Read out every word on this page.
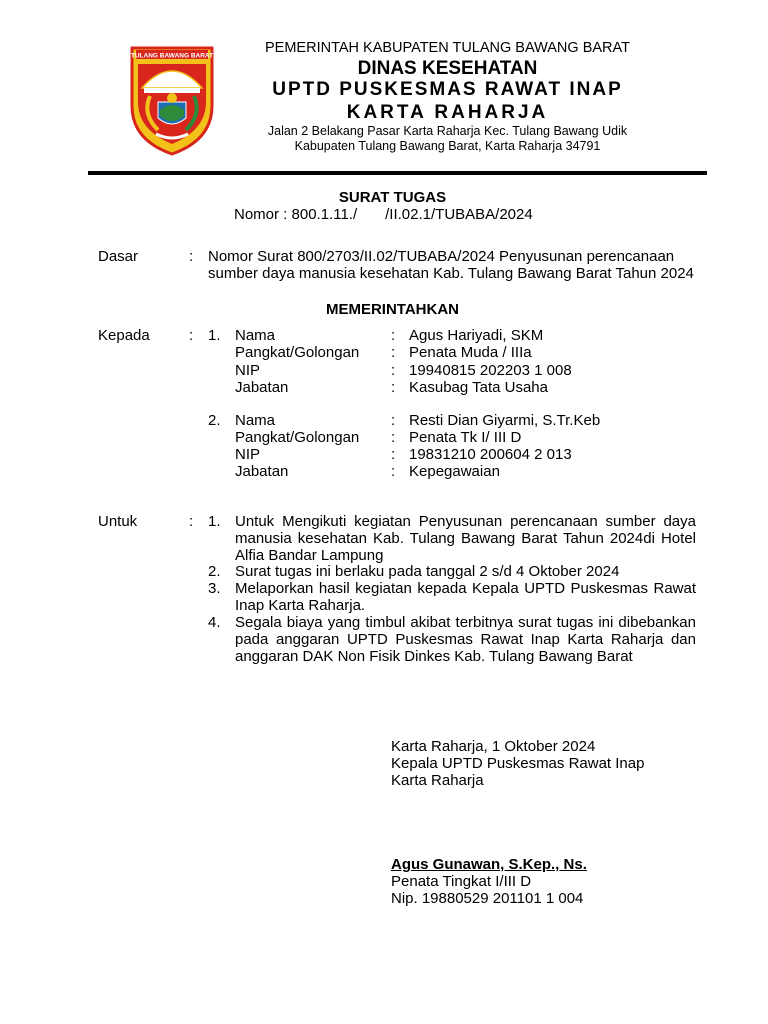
TULANG BAWANG BARAT	PEMERINTAH KABUPATEN TULANG BAWANG BARAT
DINAS KESEHATAN
UPTD PUSKESMAS RAWAT INAP
KARTA RAHARJA
Jalan 2 Belakang Pasar Karta Raharja Kec. Tulang Bawang Udik
Kabupaten Tulang Bawang Barat, Karta Raharja 34791
SURAT TUGAS
Nomor : 800.1.11./ /II.02.1/TUBABA/2024
Dasar	: Nomor Surat 800/2703/II.02/TUBABA/2024 Penyusunan perencanaan sumber daya manusia kesehatan Kab. Tulang Bawang Barat Tahun 2024
MEMERINTAHKAN
Kepada	: 1. Nama	: Agus Hariyadi, SKM
Pangkat/Golongan : Penata Muda / IIIa
NIP	: 19940815 202203 1 008
Jabatan	: Kasubag Tata Usaha
2. Nama	: Resti Dian Giyarmi, S.Tr.Keb
Pangkat/Golongan : Penata Tk I/ III D
NIP	: 19831210 200604 2 013
Jabatan	: Kepegawaian
Untuk	: 1. Untuk Mengikuti kegiatan Penyusunan perencanaan sumber daya manusia kesehatan Kab. Tulang Bawang Barat Tahun 2024di Hotel Alfia Bandar Lampung
2. Surat tugas ini berlaku pada tanggal 2 s/d 4 Oktober 2024
3. Melaporkan hasil kegiatan kepada Kepala UPTD Puskesmas Rawat Inap Karta Raharja.
4. Segala biaya yang timbul akibat terbitnya surat tugas ini dibebankan pada anggaran UPTD Puskesmas Rawat Inap Karta Raharja dan anggaran DAK Non Fisik Dinkes Kab. Tulang Bawang Barat
Karta Raharja, 1 Oktober 2024
Kepala UPTD Puskesmas Rawat Inap
Karta Raharja
Agus Gunawan, S.Kep., Ns.
Penata Tingkat I/III D
Nip. 19880529 201101 1 004
